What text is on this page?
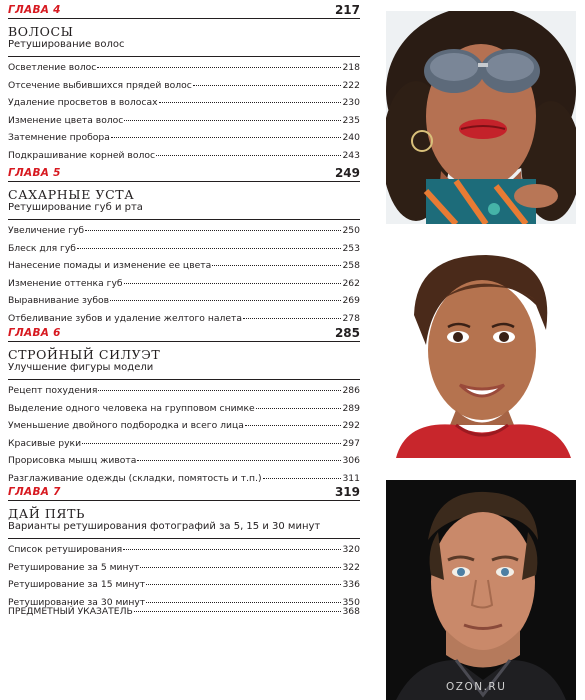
ГЛАВА 4	217
ВОЛОСЫ
Ретуширование волос
Осветление волос	218
Отсечение выбившихся прядей волос	222
Удаление просветов в волосах	230
Изменение цвета волос	235
Затемнение пробора	240
Подкрашивание корней волос	243
ГЛАВА 5	249
САХАРНЫЕ УСТА
Ретуширование губ и рта
Увеличение губ	250
Блеск для губ	253
Нанесение помады и изменение ее цвета	258
Изменение оттенка губ	262
Выравнивание зубов	269
Отбеливание зубов и удаление желтого налета	278
ГЛАВА 6	285
СТРОЙНЫЙ СИЛУЭТ
Улучшение фигуры модели
Рецепт похудения	286
Выделение одного человека на групповом снимке	289
Уменьшение двойного подбородка и всего лица	292
Красивые руки	297
Прорисовка мышц живота	306
Разглаживание одежды (складки, помятость и т.п.)	311
ГЛАВА 7	319
ДАЙ ПЯТЬ
Варианты ретуширования фотографий за 5, 15 и 30 минут
Список ретуширования	320
Ретуширование за 5 минут	322
Ретуширование за 15 минут	336
Ретуширование за 30 минут	350
ПРЕДМЕТНЫЙ УКАЗАТЕЛЬ	368
OZON.RU
